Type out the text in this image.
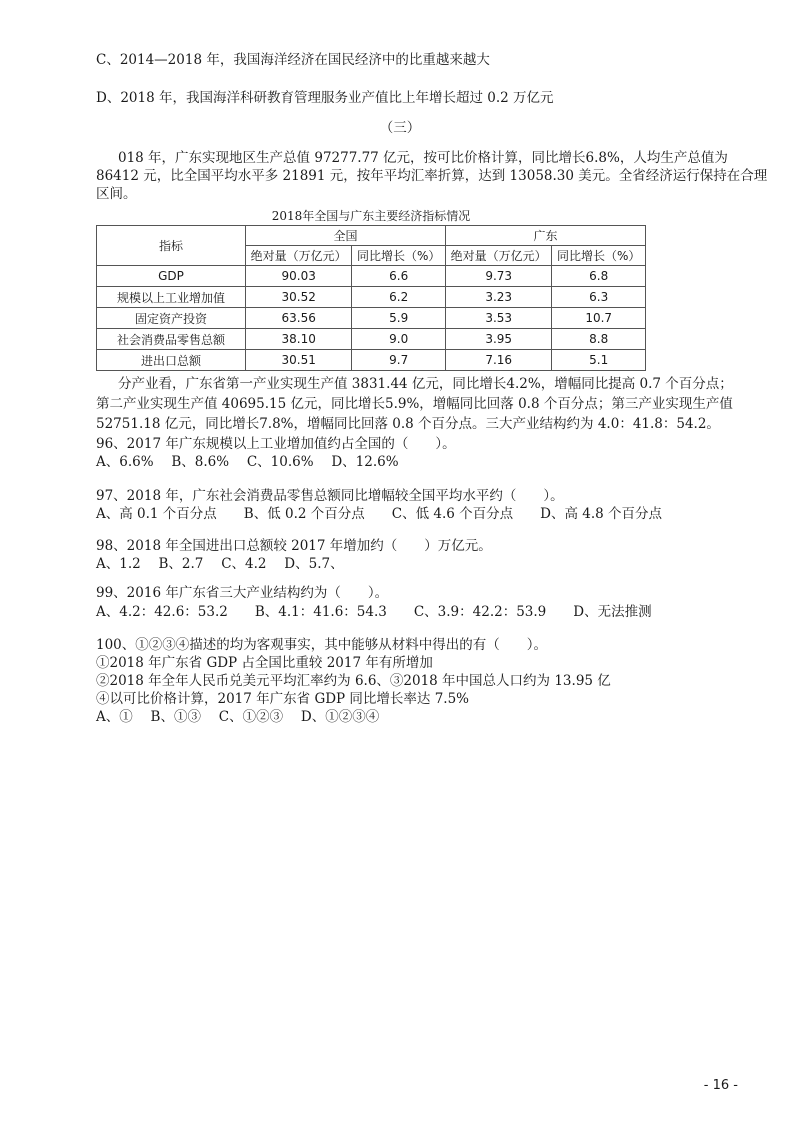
C、2014—2018 年，我国海洋经济在国民经济中的比重越来越大
D、2018 年，我国海洋科研教育管理服务业产值比上年增长超过 0.2 万亿元
（三）
018 年，广东实现地区生产总值 97277.77 亿元，按可比价格计算，同比增长6.8%，人均生产总值为
86412 元，比全国平均水平多 21891 元，按年平均汇率折算，达到 13058.30 美元。全省经济运行保持在合理
区间。
2018年全国与广东主要经济指标情况
指标	全国		广东	
	绝对量（万亿元）	同比增长（%）	绝对量（万亿元）	同比增长（%）
GDP	90.03	6.6	9.73	6.8
规模以上工业增加值	30.52	6.2	3.23	6.3
固定资产投资	63.56	5.9	3.53	10.7
社会消费品零售总额	38.10	9.0	3.95	8.8
进出口总额	30.51	9.7	7.16	5.1
分产业看，广东省第一产业实现生产值 3831.44 亿元，同比增长4.2%，增幅同比提高 0.7 个百分点；
第二产业实现生产值 40695.15 亿元，同比增长5.9%，增幅同比回落 0.8 个百分点；第三产业实现生产值
52751.18 亿元，同比增长7.8%，增幅同比回落 0.8 个百分点。三大产业结构约为 4.0：41.8：54.2。
96、2017 年广东规模以上工业增加值约占全国的（　　）。
A、6.6%　 B、8.6%　 C、10.6%　 D、12.6%
97、2018 年，广东社会消费品零售总额同比增幅较全国平均水平约（　　）。
A、高 0.1 个百分点　　B、低 0.2 个百分点　　C、低 4.6 个百分点　　D、高 4.8 个百分点
98、2018 年全国进出口总额较 2017 年增加约（　　）万亿元。
A、1.2　 B、2.7　 C、4.2　 D、5.7、
99、2016 年广东省三大产业结构约为（　　）。
A、4.2：42.6：53.2　　B、4.1：41.6：54.3　　C、3.9：42.2：53.9　　D、无法推测
100、①②③④描述的均为客观事实，其中能够从材料中得出的有（　　）。
①2018 年广东省 GDP 占全国比重较 2017 年有所增加
②2018 年全年人民币兑美元平均汇率约为 6.6、③2018 年中国总人口约为 13.95 亿
④以可比价格计算，2017 年广东省 GDP 同比增长率达 7.5%
A、①　 B、①③　 C、①②③　 D、①②③④
- 16 -
